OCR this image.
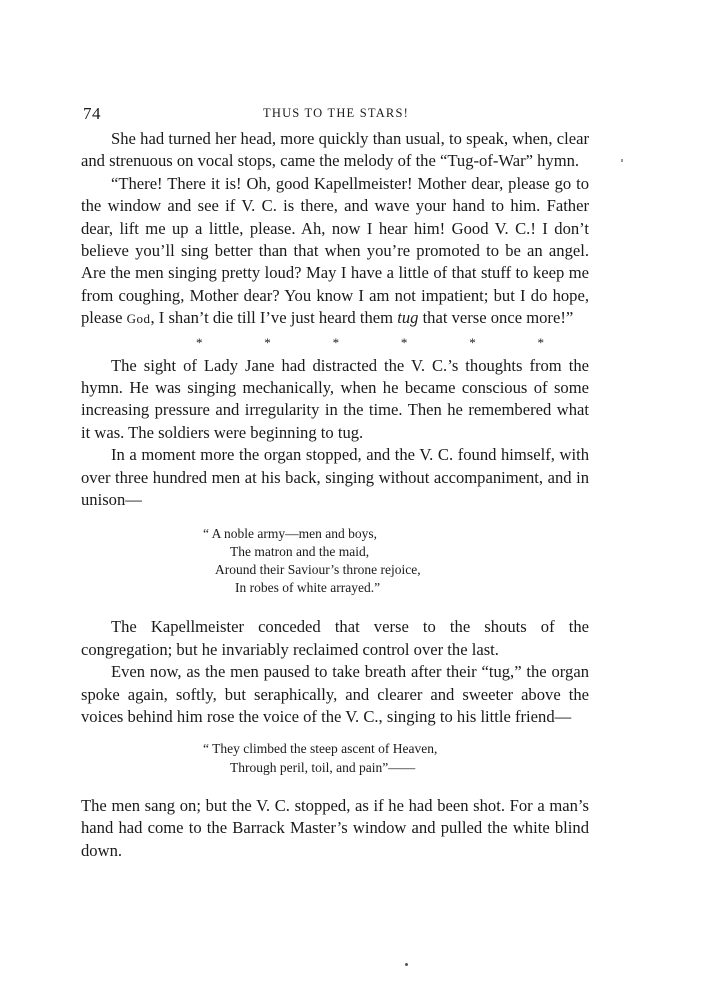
74	THUS TO THE STARS!

She had turned her head, more quickly than usual, to speak, when, clear and strenuous on vocal stops, came the melody of the “Tug-of-War” hymn.

“There! There it is! Oh, good Kapellmeister! Mother dear, please go to the window and see if V. C. is there, and wave your hand to him. Father dear, lift me up a little, please. Ah, now I hear him! Good V. C.! I don’t believe you’ll sing better than that when you’re promoted to be an angel. Are the men singing pretty loud? May I have a little of that stuff to keep me from coughing, Mother dear? You know I am not impatient; but I do hope, please God, I shan’t die till I’ve just heard them tug that verse once more!”

*	*	*	*	*	*

The sight of Lady Jane had distracted the V. C.’s thoughts from the hymn. He was singing mechanically, when he became conscious of some increasing pressure and irregularity in the time. Then he remembered what it was. The soldiers were beginning to tug.

In a moment more the organ stopped, and the V. C. found himself, with over three hundred men at his back, singing without accompaniment, and in unison—

“ A noble army—men and boys,
The matron and the maid,
Around their Saviour’s throne rejoice,
In robes of white arrayed.”

The Kapellmeister conceded that verse to the shouts of the congregation; but he invariably reclaimed control over the last.

Even now, as the men paused to take breath after their “tug,” the organ spoke again, softly, but seraphically, and clearer and sweeter above the voices behind him rose the voice of the V. C., singing to his little friend—

“ They climbed the steep ascent of Heaven,
Through peril, toil, and pain”——

The men sang on; but the V. C. stopped, as if he had been shot. For a man’s hand had come to the Barrack Master’s window and pulled the white blind down.
